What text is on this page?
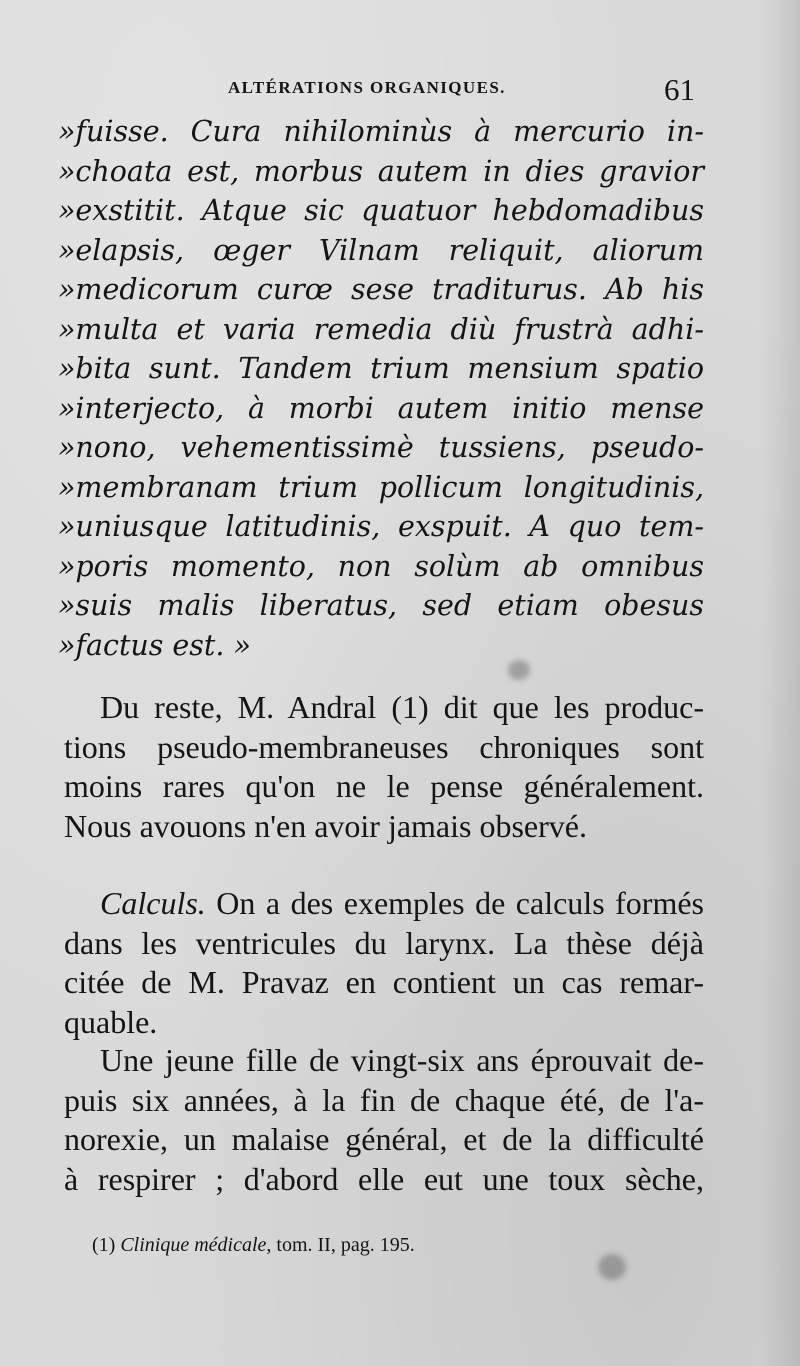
ALTÉRATIONS ORGANIQUES.	61
»fuisse. Cura nihilominùs à mercurio in-
»choata est, morbus autem in dies gravior
»exstitit. Atque sic quatuor hebdomadibus
»elapsis, œger Vilnam reliquit, aliorum
»medicorum curœ sese traditurus. Ab his
»multa et varia remedia diù frustrà adhi-
»bita sunt. Tandem trium mensium spatio
»interjecto, à morbi autem initio mense
»nono, vehementissimè tussiens, pseudo-
»membranam trium pollicum longitudinis,
»uniusque latitudinis, exspuit. A quo tem-
»poris momento, non solùm ab omnibus
»suis malis liberatus, sed etiam obesus
»factus est. »
Du reste, M. Andral (1) dit que les produc-
tions pseudo-membraneuses chroniques sont
moins rares qu'on ne le pense généralement.
Nous avouons n'en avoir jamais observé.
Calculs. On a des exemples de calculs formés
dans les ventricules du larynx. La thèse déjà
citée de M. Pravaz en contient un cas remar-
quable.
Une jeune fille de vingt-six ans éprouvait de-
puis six années, à la fin de chaque été, de l'a-
norexie, un malaise général, et de la difficulté
à respirer ; d'abord elle eut une toux sèche,
(1) Clinique médicale, tom. II, pag. 195.
